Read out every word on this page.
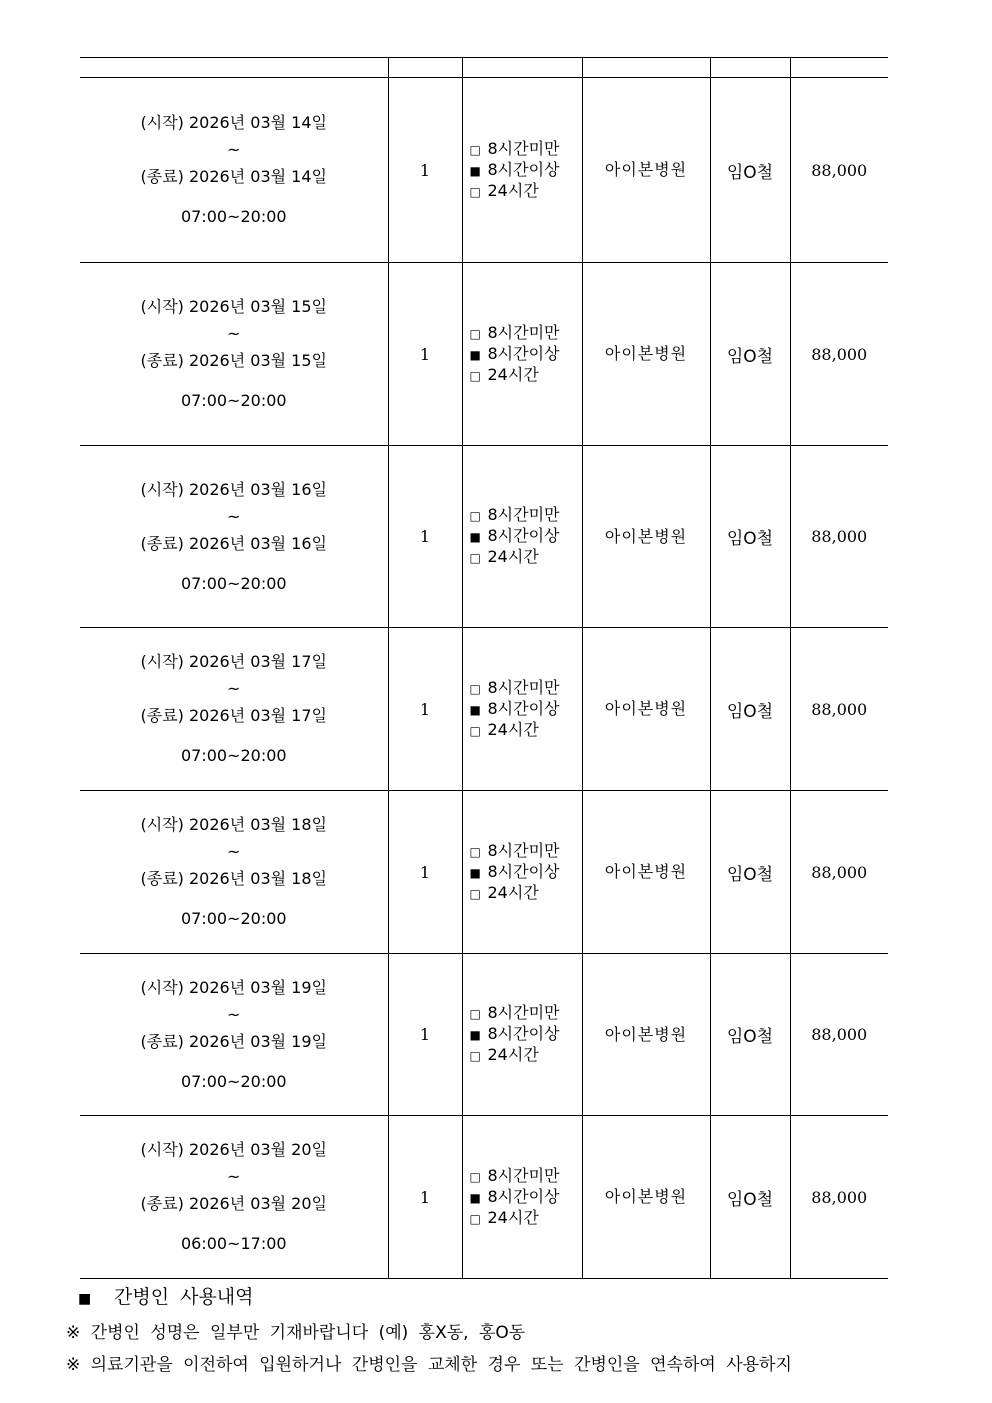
(시작) 2026년 03월 14일
~
(종료) 2026년 03월 14일
07:00~20:00	1	□ 8시간미만
■ 8시간이상
□ 24시간	아이본병원	임O철	88,000

(시작) 2026년 03월 15일
~
(종료) 2026년 03월 15일
07:00~20:00	1	□ 8시간미만
■ 8시간이상
□ 24시간	아이본병원	임O철	88,000

(시작) 2026년 03월 16일
~
(종료) 2026년 03월 16일
07:00~20:00	1	□ 8시간미만
■ 8시간이상
□ 24시간	아이본병원	임O철	88,000

(시작) 2026년 03월 17일
~
(종료) 2026년 03월 17일
07:00~20:00	1	□ 8시간미만
■ 8시간이상
□ 24시간	아이본병원	임O철	88,000

(시작) 2026년 03월 18일
~
(종료) 2026년 03월 18일
07:00~20:00	1	□ 8시간미만
■ 8시간이상
□ 24시간	아이본병원	임O철	88,000

(시작) 2026년 03월 19일
~
(종료) 2026년 03월 19일
07:00~20:00	1	□ 8시간미만
■ 8시간이상
□ 24시간	아이본병원	임O철	88,000

(시작) 2026년 03월 20일
~
(종료) 2026년 03월 20일
06:00~17:00	1	□ 8시간미만
■ 8시간이상
□ 24시간	아이본병원	임O철	88,000
■ 간병인 사용내역
※ 간병인 성명은 일부만 기재바랍니다 (예) 홍X동, 홍O동
※ 의료기관을 이전하여 입원하거나 간병인을 교체한 경우 또는 간병인을 연속하여 사용하지
